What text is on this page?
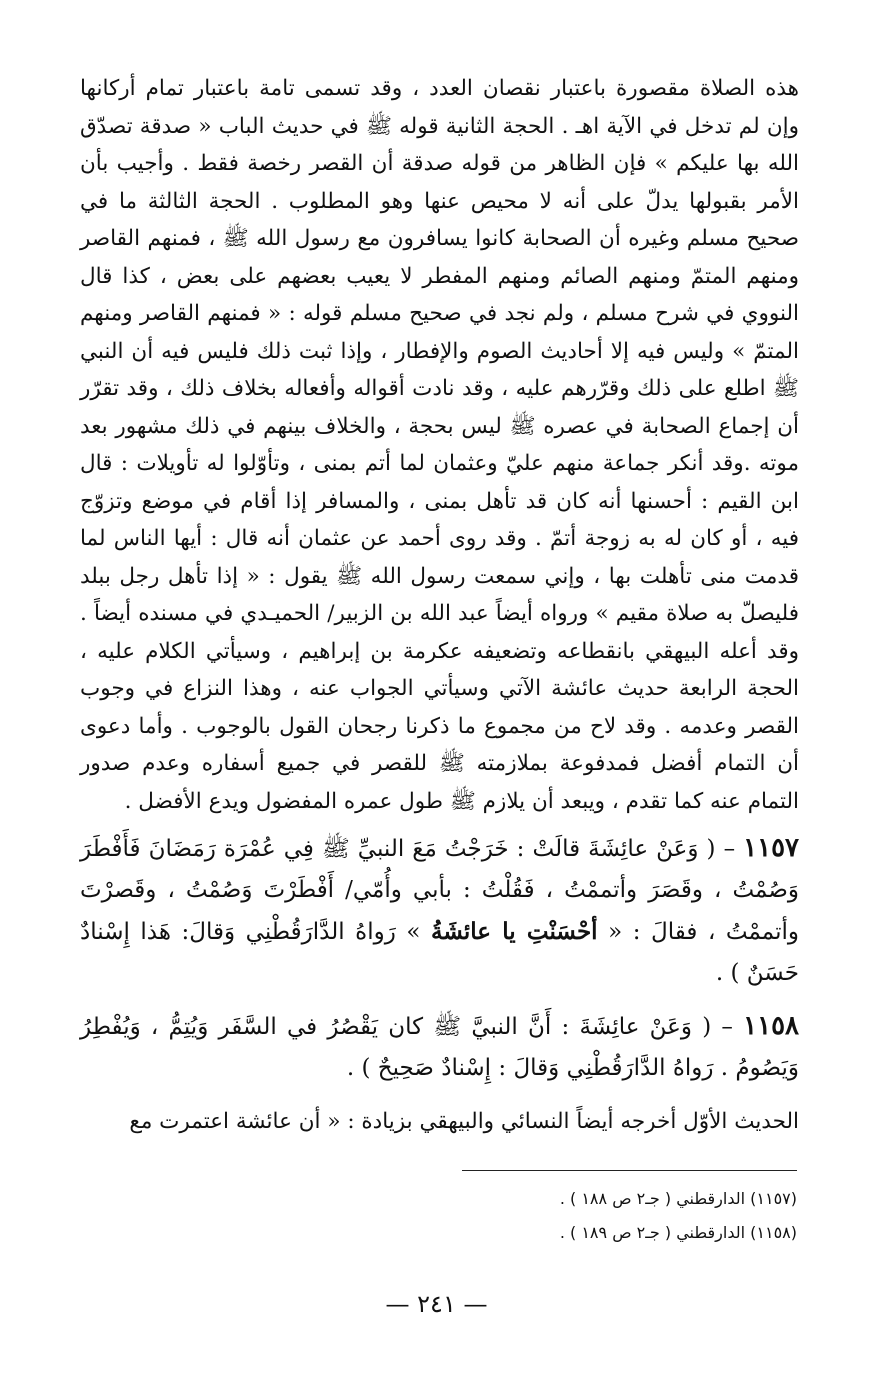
هذه الصلاة مقصورة باعتبار نقصان العدد ، وقد تسمى تامة باعتبار تمام أركانها وإن لم تدخل في الآية اهـ . الحجة الثانية قوله ﷺ في حديث الباب « صدقة تصدّق الله بها عليكم » فإن الظاهر من قوله صدقة أن القصر رخصة فقط . وأجيب بأن الأمر بقبولها يدلّ على أنه لا محيص عنها وهو المطلوب . الحجة الثالثة ما في صحيح مسلم وغيره أن الصحابة كانوا يسافرون مع رسول الله ﷺ ، فمنهم القاصر ومنهم المتمّ ومنهم الصائم ومنهم المفطر لا يعيب بعضهم على بعض ، كذا قال النووي في شرح مسلم ، ولم نجد في صحيح مسلم قوله : « فمنهم القاصر ومنهم المتمّ » وليس فيه إلا أحاديث الصوم والإفطار ، وإذا ثبت ذلك فليس فيه أن النبي ﷺ اطلع على ذلك وقرّرهم عليه ، وقد نادت أقواله وأفعاله بخلاف ذلك ، وقد تقرّر أن إجماع الصحابة في عصره ﷺ ليس بحجة ، والخلاف بينهم في ذلك مشهور بعد موته .وقد أنكر جماعة منهم عليّ وعثمان لما أتم بمنى ، وتأوّلوا له تأويلات : قال ابن القيم : أحسنها أنه كان قد تأهل بمنى ، والمسافر إذا أقام في موضع وتزوّج فيه ، أو كان له به زوجة أتمّ . وقد روى أحمد عن عثمان أنه قال : أيها الناس لما قدمت منى تأهلت بها ، وإني سمعت رسول الله ﷺ يقول : « إذا تأهل رجل ببلد فليصلّ به صلاة مقيم » ورواه أيضاً عبد الله بن الزبير/ الحميـدي في مسنده أيضاً . وقد أعله البيهقي بانقطاعه وتضعيفه عكرمة بن إبراهيم ، وسيأتي الكلام عليه ، الحجة الرابعة حديث عائشة الآتي وسيأتي الجواب عنه ، وهذا النزاع في وجوب القصر وعدمه . وقد لاح من مجموع ما ذكرنا رجحان القول بالوجوب . وأما دعوى أن التمام أفضل فمدفوعة بملازمته ﷺ للقصر في جميع أسفاره وعدم صدور التمام عنه كما تقدم ، ويبعد أن يلازم ﷺ طول عمره المفضول ويدع الأفضل .

١١٥٧ – ( وَعَنْ عائِشَةَ قالَتْ : خَرَجْتُ مَعَ النبيِّ ﷺ فِي عُمْرَة رَمَضَانَ فَأَفْطَرَ وَصُمْتُ ، وقَصَرَ وأتممْتُ ، فَقُلْتُ : بأبي وأُمّي/ أَفْطَرْتَ وَصُمْتُ ، وقَصرْتَ وأتممْتُ ، فقالَ : « أحْسَنْتِ يا عائشَةُ » رَواهُ الدَّارَقُطْنِي وَقالَ: هَذا إِسْنادٌ حَسَنٌ ) .

١١٥٨ – ( وَعَنْ عائِشَةَ : أَنَّ النبيَّ ﷺ كان يَقْصُرُ في السَّفَر وَيُتِمُّ ، وَيُفْطِرُ وَيَصُومُ . رَواهُ الدَّارَقُطْنِي وَقالَ : إِسْنادٌ صَحِيحٌ ) .

الحديث الأوّل أخرجه أيضاً النسائي والبيهقي بزيادة : « أن عائشة اعتمرت مع

(١١٥٧) الدارقطني ( جـ٢ ص ١٨٨ ) .
(١١٥٨) الدارقطني ( جـ٢ ص ١٨٩ ) .
— ٢٤١ —
